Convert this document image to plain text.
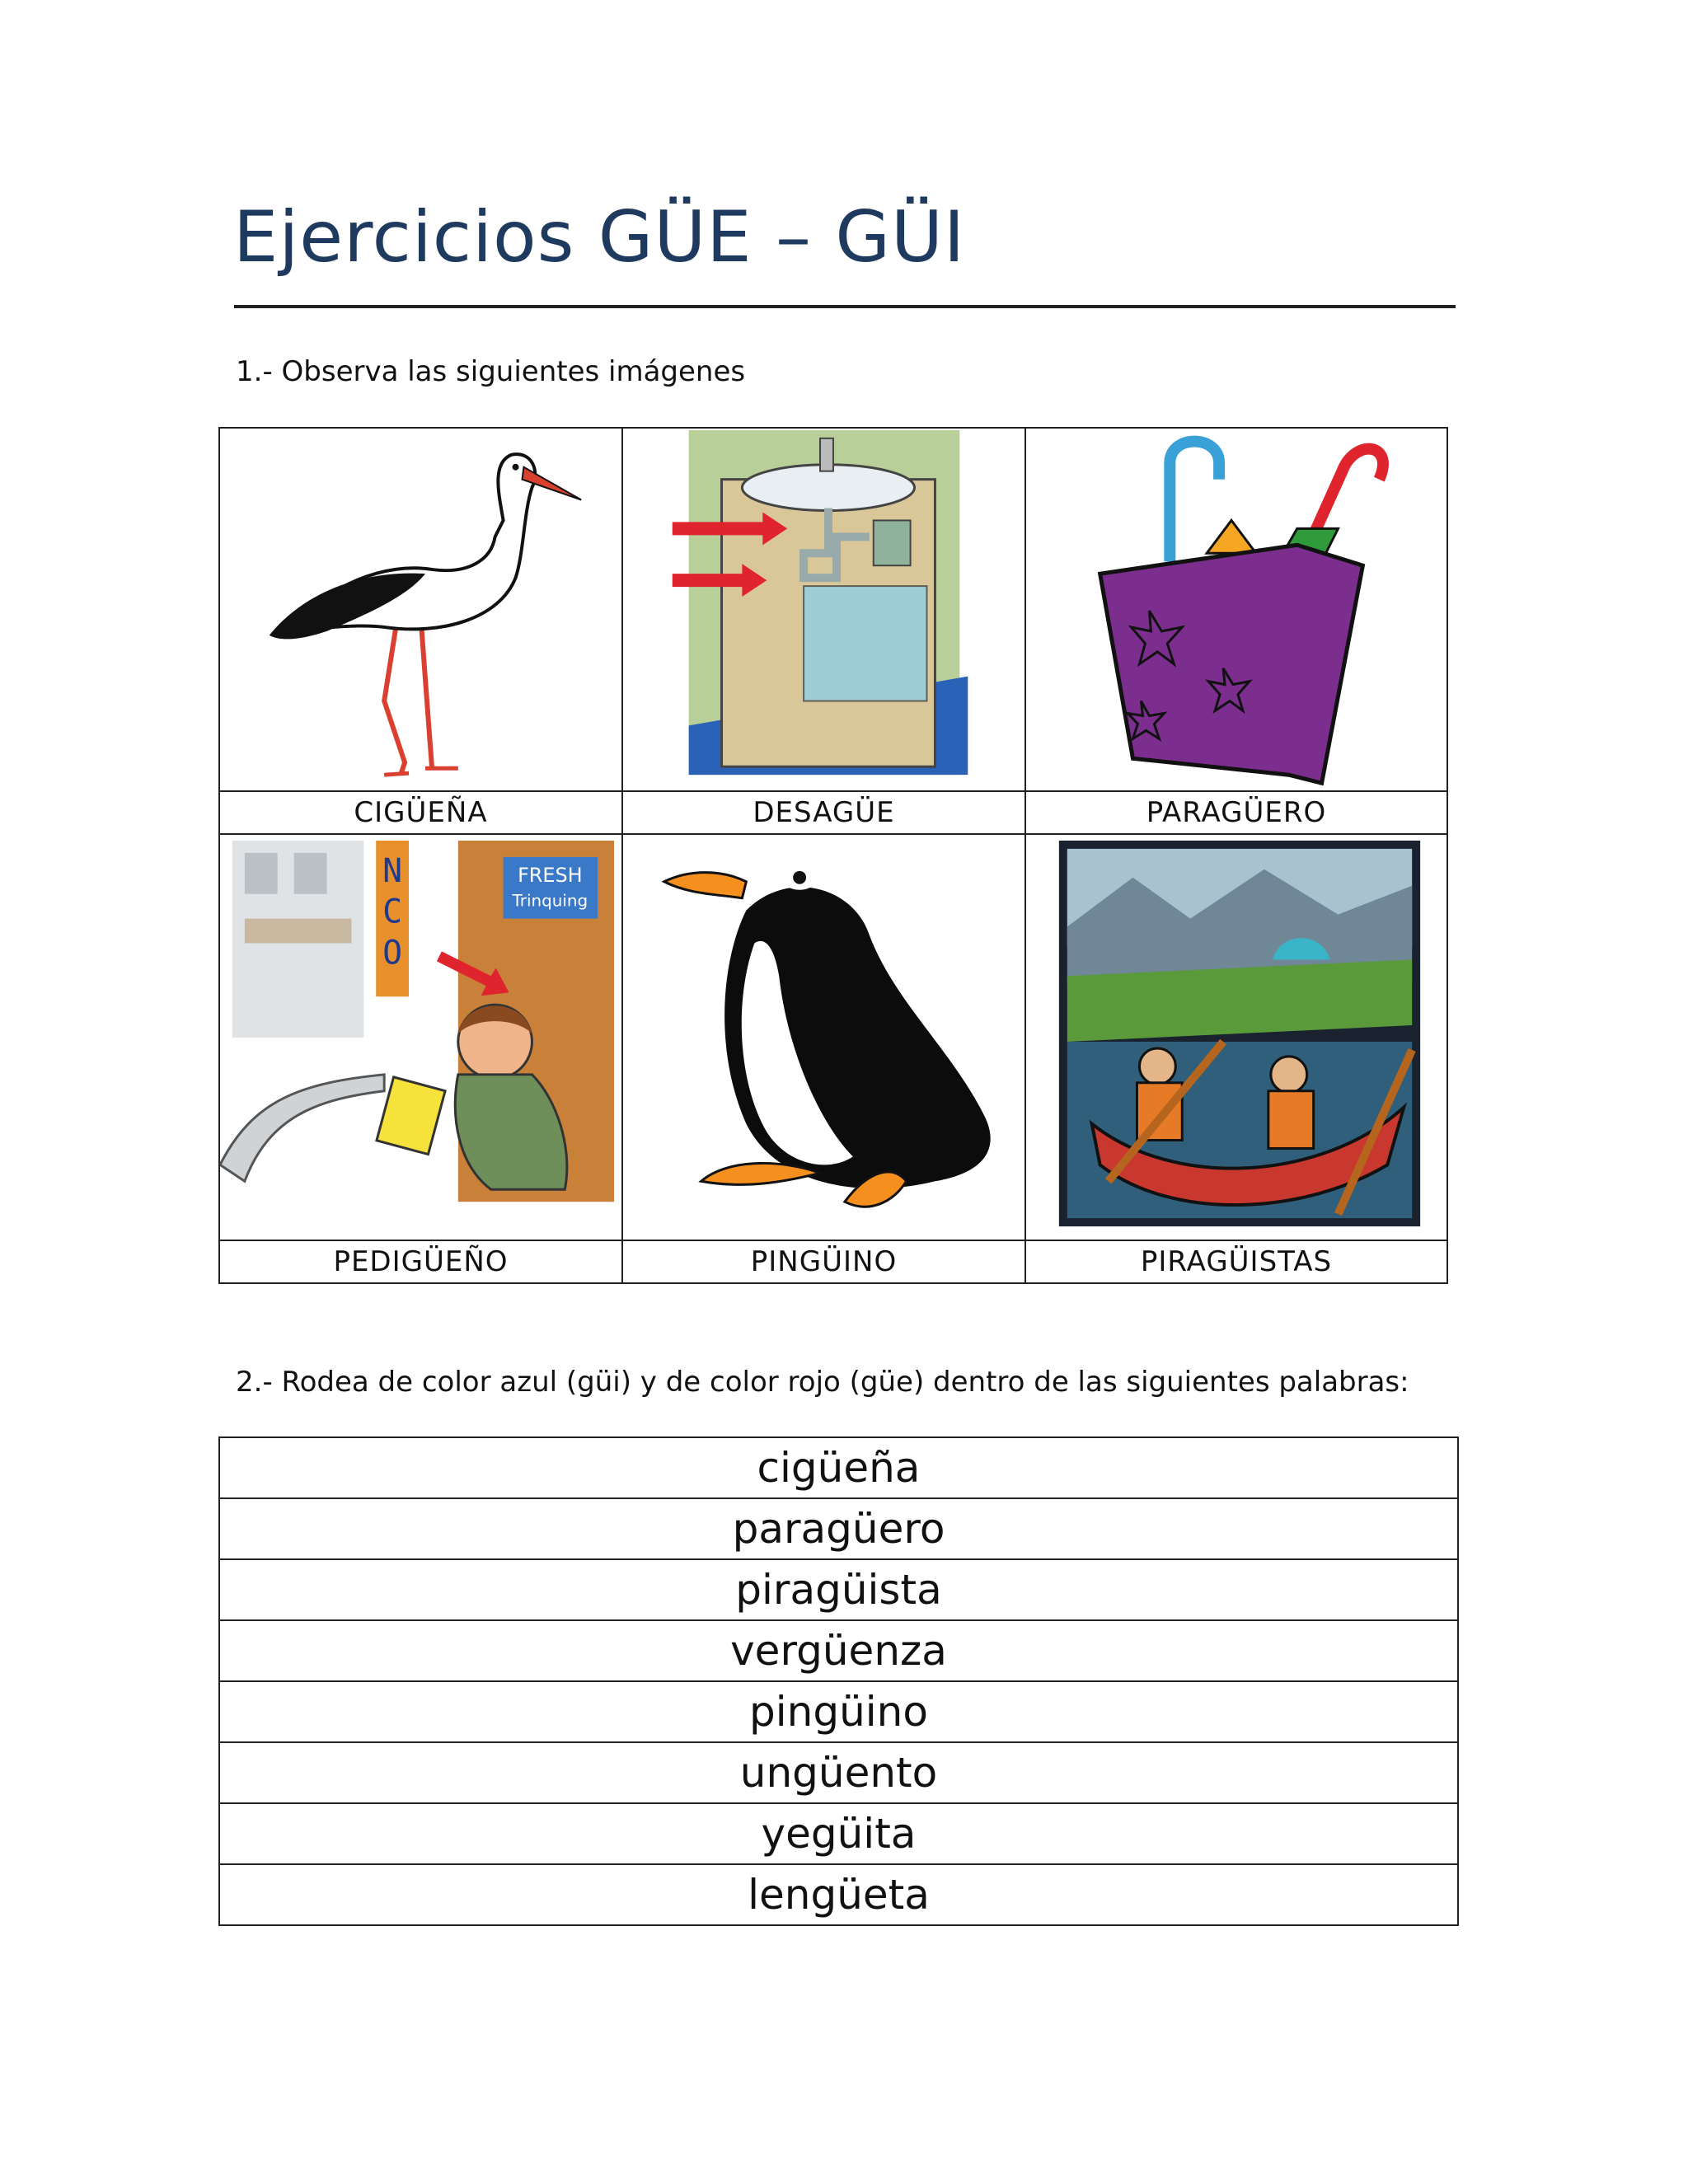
Ejercicios GÜE – GÜI
1.- Observa las siguientes imágenes

CIGÜEÑA	DESAGÜE	PARAGÜERO

N
C
O
FRESH
Trinquing

PEDIGÜEÑO	PINGÜINO	PIRAGÜISTAS
2.- Rodea de color azul (güi) y de color rojo (güe) dentro de las siguientes palabras:
cigüeña
paragüero
piragüista
vergüenza
pingüino
ungüento
yegüita
lengüeta
